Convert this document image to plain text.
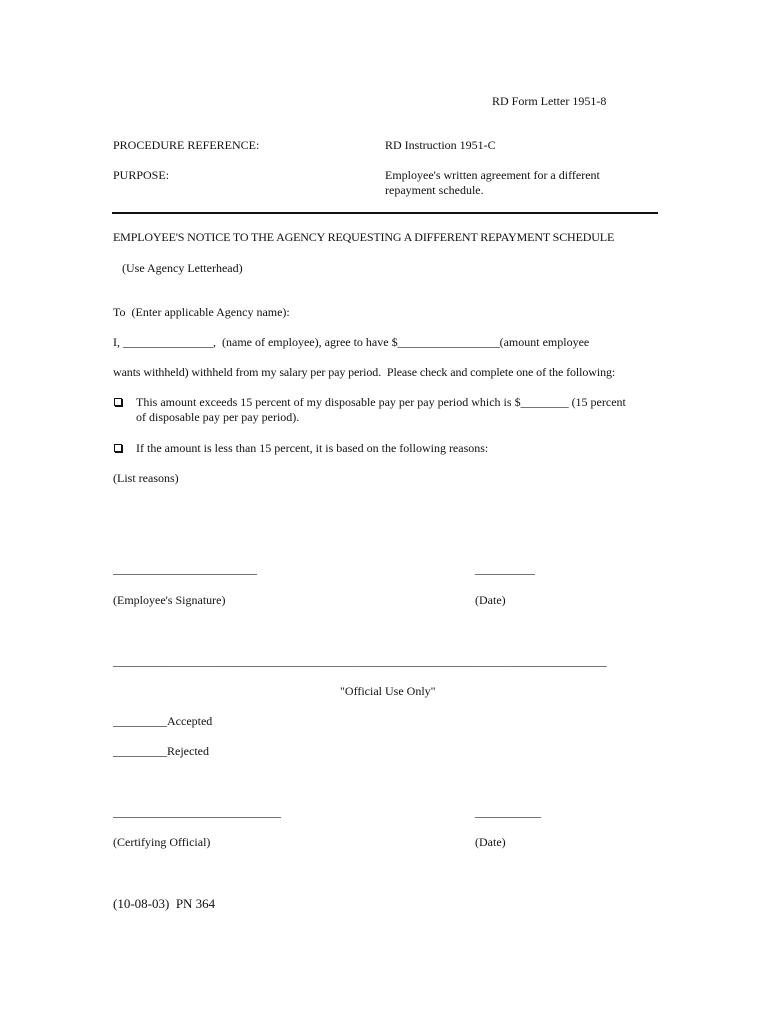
RD Form Letter 1951-8
PROCEDURE REFERENCE:	RD Instruction 1951-C
PURPOSE:	Employee's written agreement for a different
repayment schedule.
EMPLOYEE'S NOTICE TO THE AGENCY REQUESTING A DIFFERENT REPAYMENT SCHEDULE
(Use Agency Letterhead)
To  (Enter applicable Agency name):
I, _______________,  (name of employee), agree to have $_________________(amount employee
wants withheld) withheld from my salary per pay period.  Please check and complete one of the following:
This amount exceeds 15 percent of my disposable pay per pay period which is $________ (15 percent
of disposable pay per pay period).
If the amount is less than 15 percent, it is based on the following reasons:
(List reasons)
________________________	__________
(Employee's Signature)	(Date)
__________________________________________________________________________________
"Official Use Only"
_________Accepted
_________Rejected
____________________________	___________
(Certifying Official)	(Date)
(10-08-03)  PN 364
